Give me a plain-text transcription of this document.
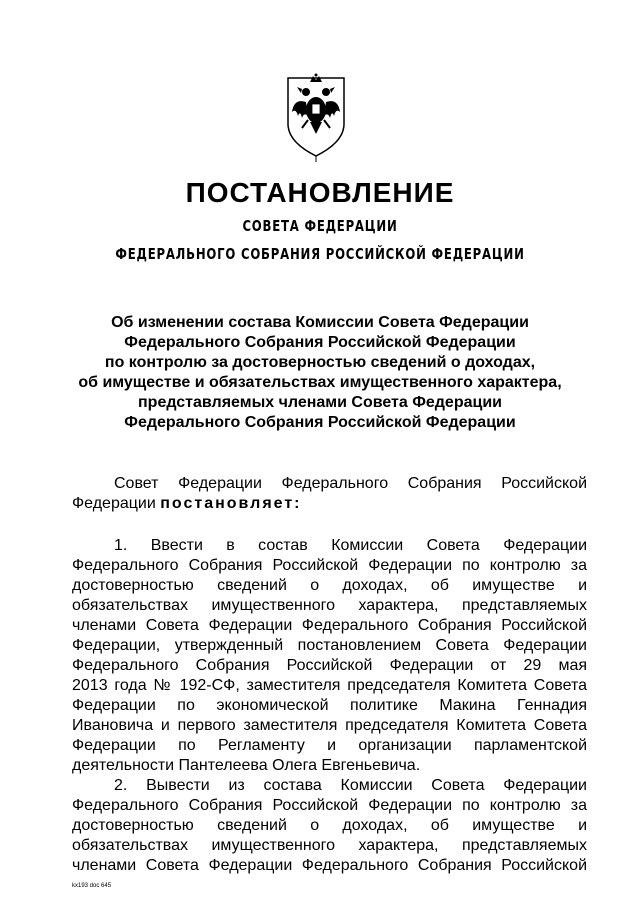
ПОСТАНОВЛЕНИЕ
СОВЕТА ФЕДЕРАЦИИ
ФЕДЕРАЛЬНОГО СОБРАНИЯ РОССИЙСКОЙ ФЕДЕРАЦИИ
Об изменении состава Комиссии Совета Федерации
Федерального Собрания Российской Федерации
по контролю за достоверностью сведений о доходах,
об имуществе и обязательствах имущественного характера,
представляемых членами Совета Федерации
Федерального Собрания Российской Федерации
Совет Федерации Федерального Собрания Российской
Федерации постановляет:
1. Ввести в состав Комиссии Совета Федерации
Федерального Собрания Российской Федерации по контролю за
достоверностью сведений о доходах, об имуществе и
обязательствах имущественного характера, представляемых
членами Совета Федерации Федерального Собрания Российской
Федерации, утвержденный постановлением Совета Федерации
Федерального Собрания Российской Федерации от 29 мая
2013 года № 192-СФ, заместителя председателя Комитета Совета
Федерации по экономической политике Макина Геннадия
Ивановича и первого заместителя председателя Комитета Совета
Федерации по Регламенту и организации парламентской
деятельности Пантелеева Олега Евгеньевича.
2. Вывести из состава Комиссии Совета Федерации
Федерального Собрания Российской Федерации по контролю за
достоверностью сведений о доходах, об имуществе и
обязательствах имущественного характера, представляемых
членами Совета Федерации Федерального Собрания Российской
kx193 doc 645
